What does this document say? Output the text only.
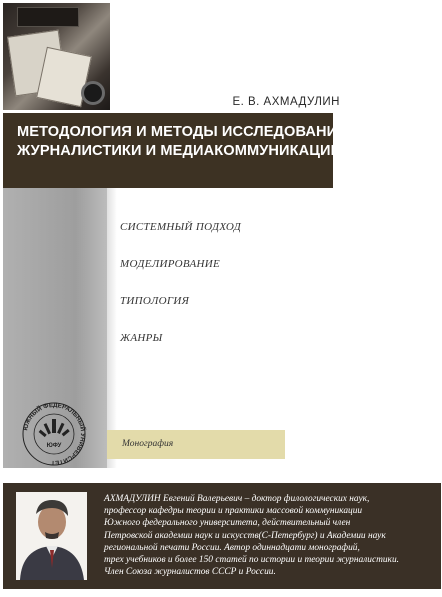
Е. В. АХМАДУЛИН
МЕТОДОЛОГИЯ И МЕТОДЫ ИССЛЕДОВАНИЯ
ЖУРНАЛИСТИКИ И МЕДИАКОММУНИКАЦИЙ
ЮЖНЫЙ ФЕДЕРАЛЬНЫЙ УНИВЕРСИТЕТ
ЮФУ
СИСТЕМНЫЙ ПОДХОД
МОДЕЛИРОВАНИЕ
ТИПОЛОГИЯ
ЖАНРЫ
Монография
АХМАДУЛИН Евгений Валерьевич – доктор филологических наук,
профессор кафедры теории и практики массовой коммуникации
Южного федерального университета, действительный член
Петровской академии наук и искусств(С-Петербург) и Академии наук
региональной печати России. Автор одиннадцати монографий,
трех учебников и более 150 статей по истории и теории журналистики.
Член Союза журналистов СССР и России.
